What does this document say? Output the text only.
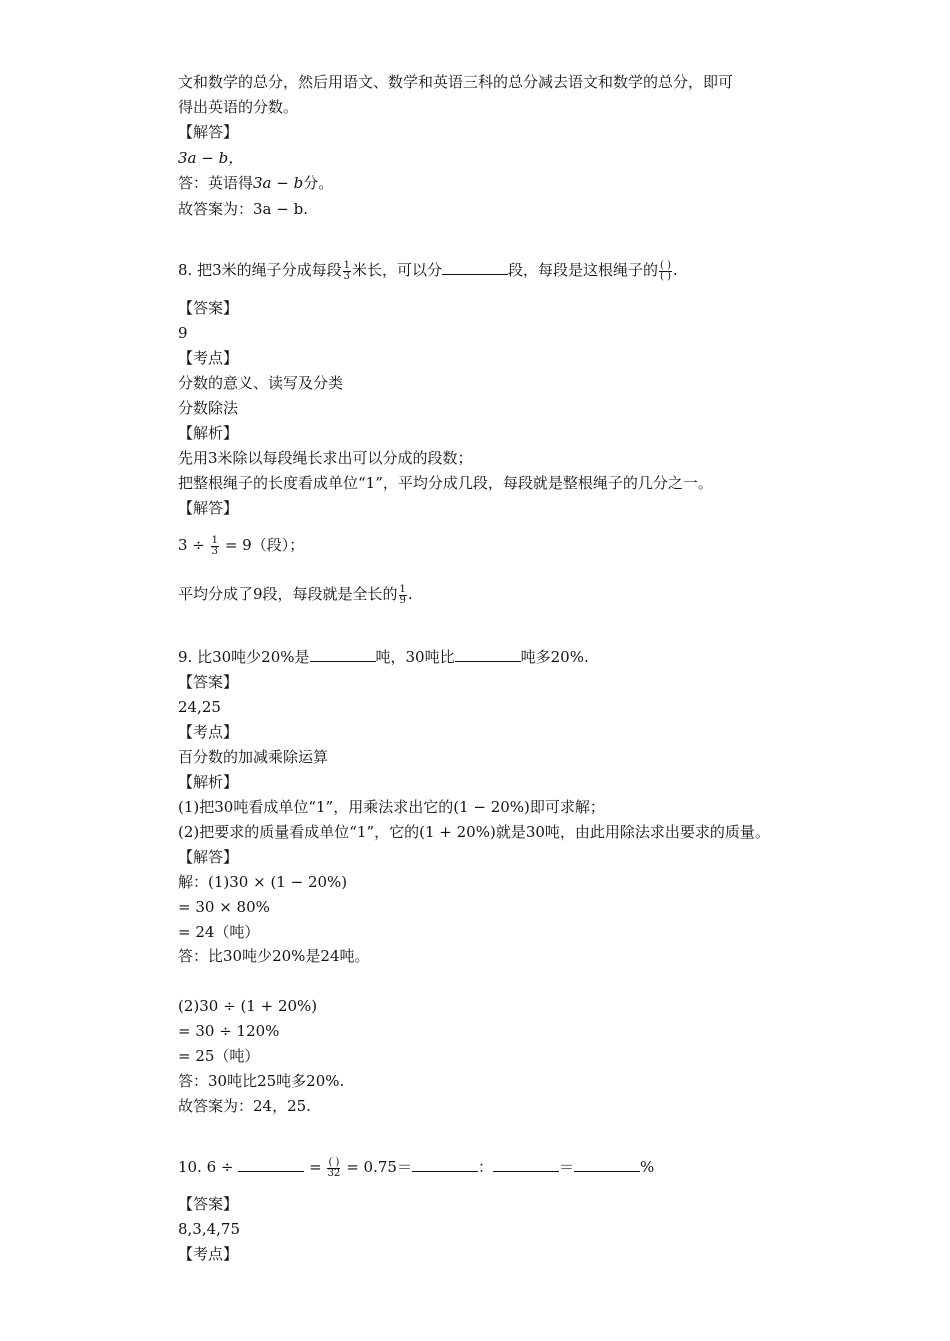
文和数学的总分，然后用语文、数学和英语三科的总分减去语文和数学的总分，即可
得出英语的分数。
【解答】
3a − b，
答：英语得3a − b分。
故答案为：3a − b.
8. 把3米的绳子分成每段 $\frac{1}{3}$ 米长，可以分	段，每段是这根绳子的 $\frac{( )}{( )}$ .
【答案】
9
【考点】
分数的意义、读写及分类
分数除法
【解析】
先用3米除以每段绳长求出可以分成的段数；
把整根绳子的长度看成单位“1”，平均分成几段，每段就是整根绳子的几分之一。
【解答】
$3 \div \frac{1}{3} = 9$（段）；
平均分成了9段，每段就是全长的 $\frac{1}{9}$ .
9. 比30吨少20%是	吨，30吨比	吨多20%.
【答案】
24,25
【考点】
百分数的加减乘除运算
【解析】
(1)把30吨看成单位“1”，用乘法求出它的(1 − 20%)即可求解；
(2)把要求的质量看成单位“1”，它的(1 + 20%)就是30吨，由此用除法求出要求的质量。
【解答】
解：(1)30 × (1 − 20%)
= 30 × 80%
= 24（吨）
答：比30吨少20%是24吨。
(2)30 ÷ (1 + 20%)
= 30 ÷ 120%
= 25（吨）
答：30吨比25吨多20%.
故答案为：24，25.
10. 6 ÷	= $\frac{( )}{32} = 0.75=$	：	＝	%
【答案】
8,3,4,75
【考点】
